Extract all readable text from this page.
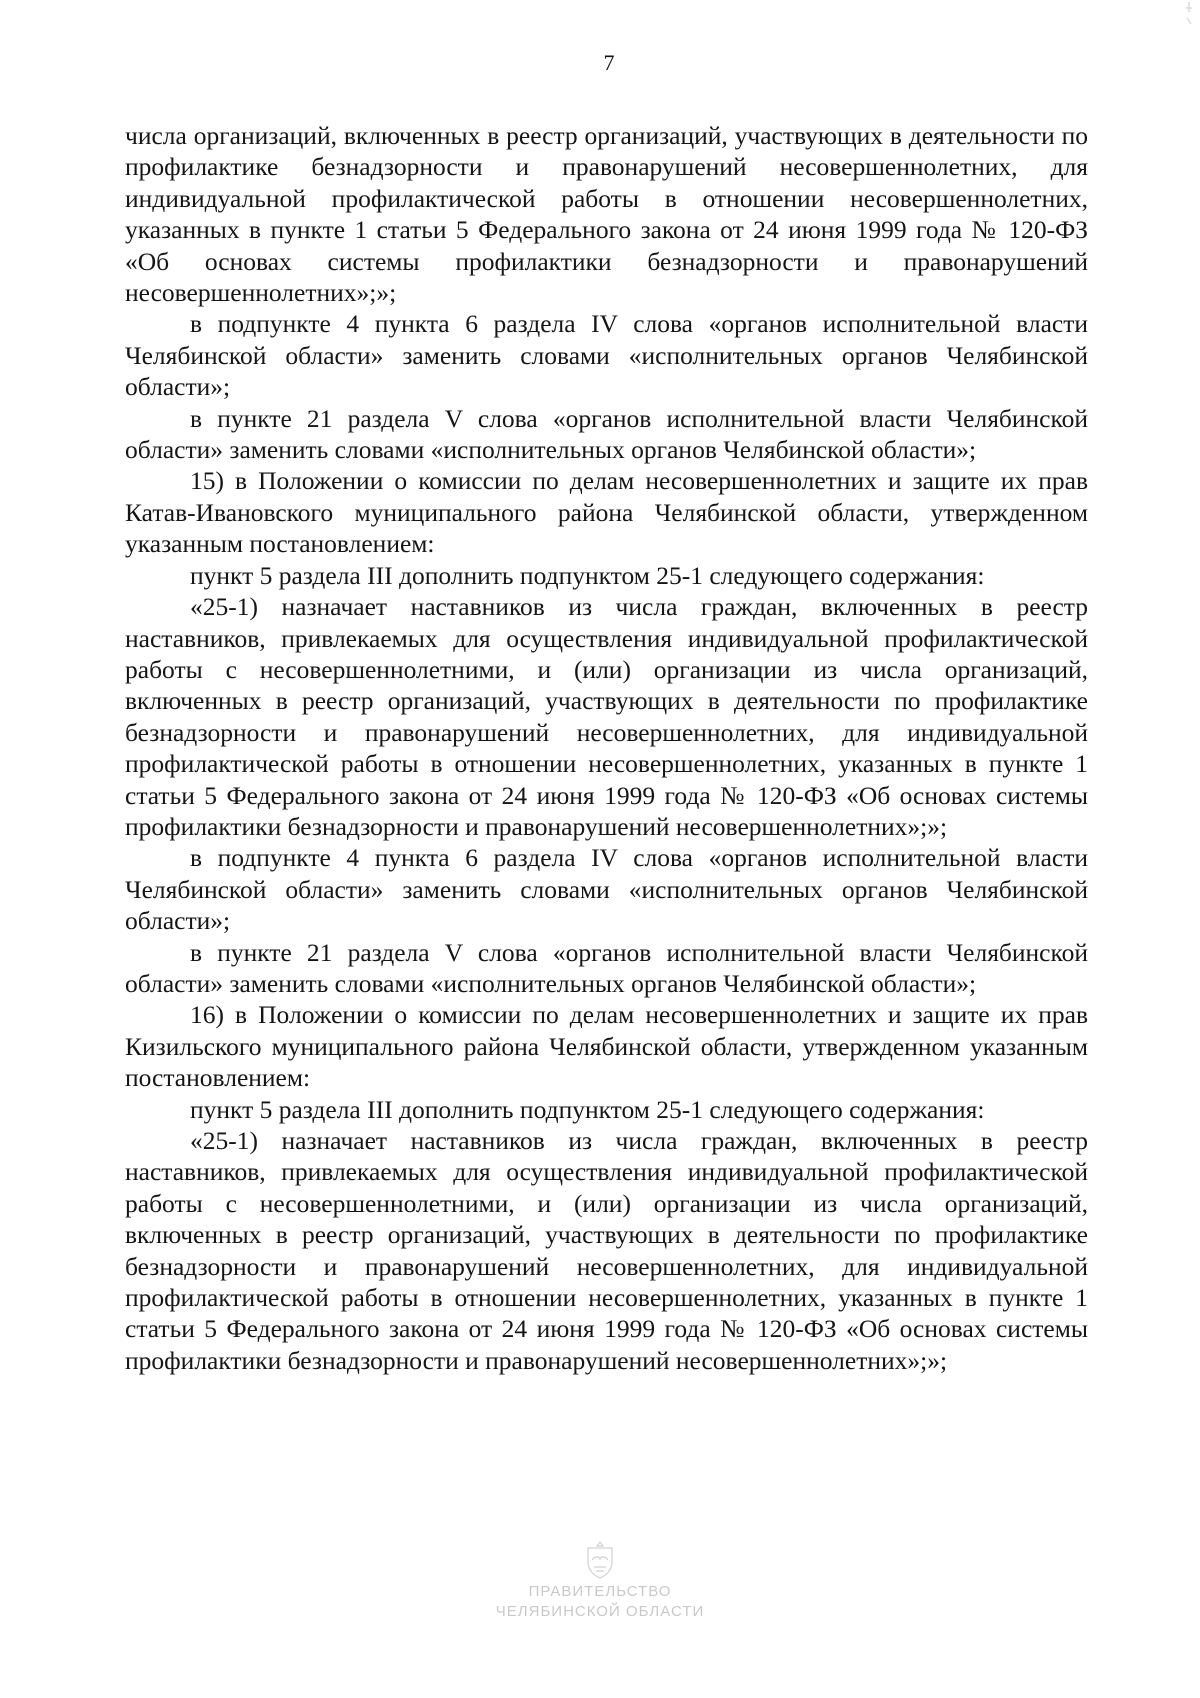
7

числа организаций, включенных в реестр организаций, участвующих в деятельности по профилактике безнадзорности и правонарушений несовершеннолетних, для индивидуальной профилактической работы в отношении несовершеннолетних, указанных в пункте 1 статьи 5 Федерального закона от 24 июня 1999 года № 120-ФЗ «Об основах системы профилактики безнадзорности и правонарушений несовершеннолетних»;»;

в подпункте 4 пункта 6 раздела IV слова «органов исполнительной власти Челябинской области» заменить словами «исполнительных органов Челябинской области»;

в пункте 21 раздела V слова «органов исполнительной власти Челябинской области» заменить словами «исполнительных органов Челябинской области»;

15) в Положении о комиссии по делам несовершеннолетних и защите их прав Катав-Ивановского муниципального района Челябинской области, утвержденном указанным постановлением:

пункт 5 раздела III дополнить подпунктом 25-1 следующего содержания:

«25-1) назначает наставников из числа граждан, включенных в реестр наставников, привлекаемых для осуществления индивидуальной профилактической работы с несовершеннолетними, и (или) организации из числа организаций, включенных в реестр организаций, участвующих в деятельности по профилактике безнадзорности и правонарушений несовершеннолетних, для индивидуальной профилактической работы в отношении несовершеннолетних, указанных в пункте 1 статьи 5 Федерального закона от 24 июня 1999 года № 120-ФЗ «Об основах системы профилактики безнадзорности и правонарушений несовершеннолетних»;»;

в подпункте 4 пункта 6 раздела IV слова «органов исполнительной власти Челябинской области» заменить словами «исполнительных органов Челябинской области»;

в пункте 21 раздела V слова «органов исполнительной власти Челябинской области» заменить словами «исполнительных органов Челябинской области»;

16) в Положении о комиссии по делам несовершеннолетних и защите их прав Кизильского муниципального района Челябинской области, утвержденном указанным постановлением:

пункт 5 раздела III дополнить подпунктом 25-1 следующего содержания:

«25-1) назначает наставников из числа граждан, включенных в реестр наставников, привлекаемых для осуществления индивидуальной профилактической работы с несовершеннолетними, и (или) организации из числа организаций, включенных в реестр организаций, участвующих в деятельности по профилактике безнадзорности и правонарушений несовершеннолетних, для индивидуальной профилактической работы в отношении несовершеннолетних, указанных в пункте 1 статьи 5 Федерального закона от 24 июня 1999 года № 120-ФЗ «Об основах системы профилактики безнадзорности и правонарушений несовершеннолетних»;»;

ПРАВИТЕЛЬСТВО
ЧЕЛЯБИНСКОЙ ОБЛАСТИ
